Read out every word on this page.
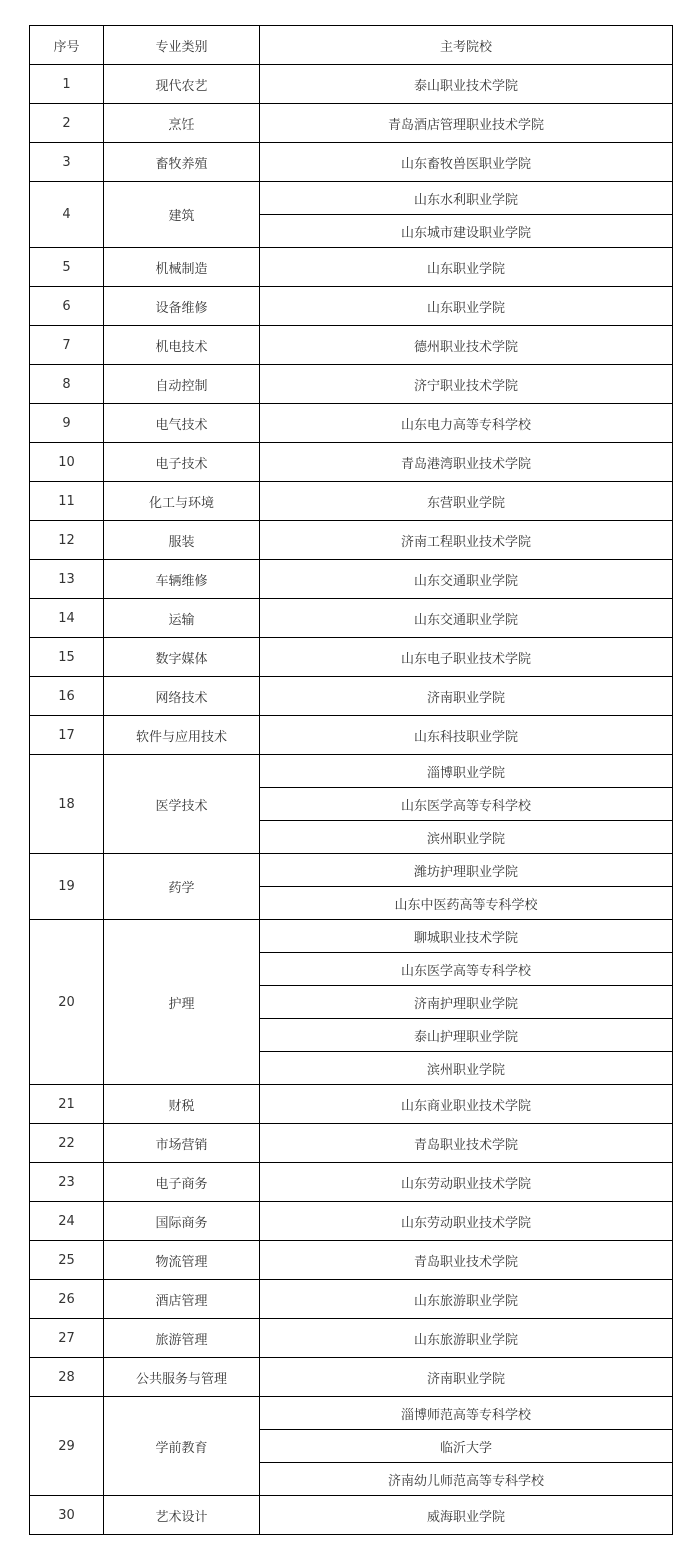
序号	专业类别	主考院校
1	现代农艺	泰山职业技术学院
2	烹饪	青岛酒店管理职业技术学院
3	畜牧养殖	山东畜牧兽医职业学院
4	建筑	山东水利职业学院
		山东城市建设职业学院
5	机械制造	山东职业学院
6	设备维修	山东职业学院
7	机电技术	德州职业技术学院
8	自动控制	济宁职业技术学院
9	电气技术	山东电力高等专科学校
10	电子技术	青岛港湾职业技术学院
11	化工与环境	东营职业学院
12	服装	济南工程职业技术学院
13	车辆维修	山东交通职业学院
14	运输	山东交通职业学院
15	数字媒体	山东电子职业技术学院
16	网络技术	济南职业学院
17	软件与应用技术	山东科技职业学院
18	医学技术	淄博职业学院
		山东医学高等专科学校
		滨州职业学院
19	药学	潍坊护理职业学院
		山东中医药高等专科学校
20	护理	聊城职业技术学院
		山东医学高等专科学校
		济南护理职业学院
		泰山护理职业学院
		滨州职业学院
21	财税	山东商业职业技术学院
22	市场营销	青岛职业技术学院
23	电子商务	山东劳动职业技术学院
24	国际商务	山东劳动职业技术学院
25	物流管理	青岛职业技术学院
26	酒店管理	山东旅游职业学院
27	旅游管理	山东旅游职业学院
28	公共服务与管理	济南职业学院
29	学前教育	淄博师范高等专科学校
		临沂大学
		济南幼儿师范高等专科学校
30	艺术设计	威海职业学院
